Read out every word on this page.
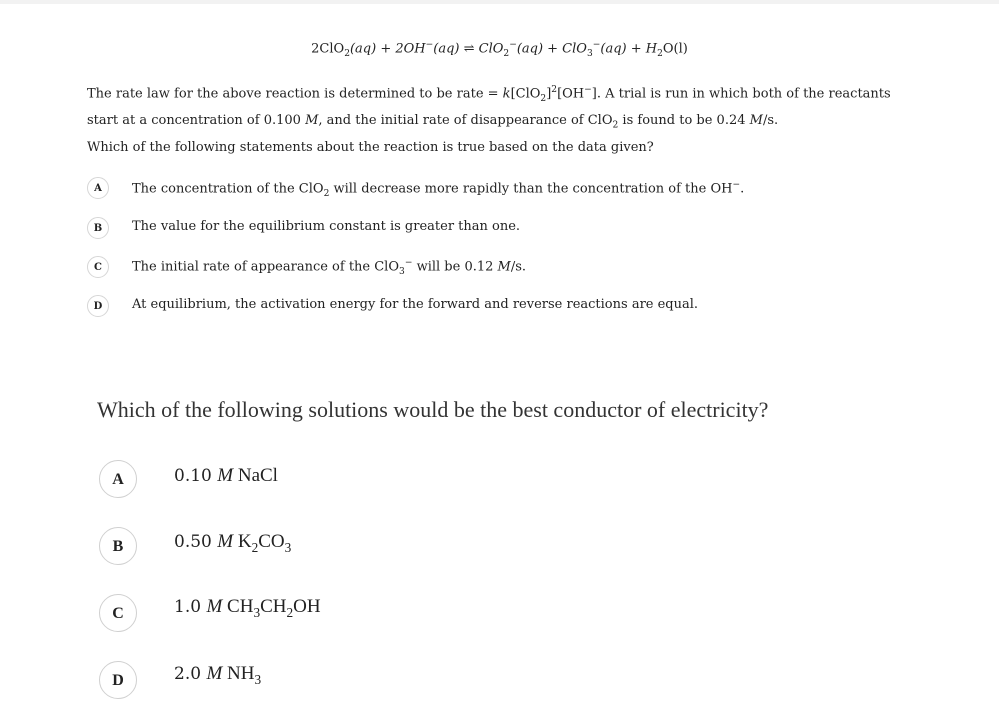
2ClO$_2$(aq) + 2OH−(aq) ⇌ $ClO_2^-(aq) + ClO_3^-(aq) + H_2O(l)$
The rate law for the above reaction is determined to be rate = $k[ClO_2]^2[OH^-]$. A trial is run in which both of the reactants start at a concentration of 0.100 M, and the initial rate of disappearance of ClO$_2$ is found to be 0.24 M/s.
Which of the following statements about the reaction is true based on the data given?
A	The concentration of the ClO$_2$ will decrease more rapidly than the concentration of the OH−.
B	The value for the equilibrium constant is greater than one.
C	The initial rate of appearance of the ClO$_3$− will be 0.12 M/s.
D	At equilibrium, the activation energy for the forward and reverse reactions are equal.
Which of the following solutions would be the best conductor of electricity?
A	0.10 M NaCl
B	0.50 M $K_2CO_3$
C	1.0 M $CH_3CH_2OH$
D	2.0 M $NH_3$
